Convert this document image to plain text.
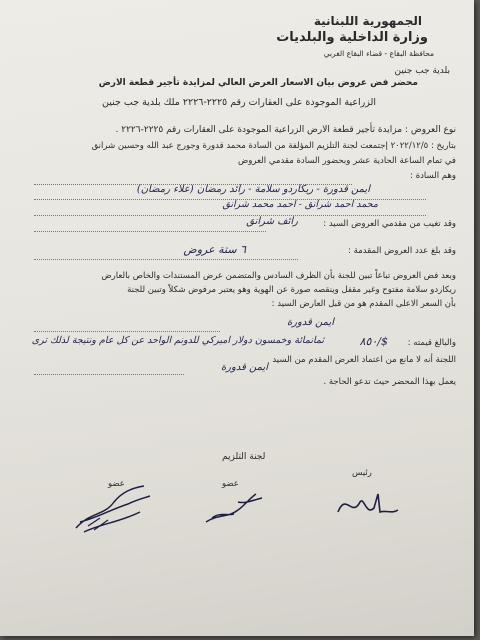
الجمهورية اللبنانية
وزارة الداخلية والبلديات
محافظة البقاع - قضاء البقاع الغربي
بلدية جب جنين
محضر فض عروض بيان الاسعار العرض العالي لمزايدة تأجير قطعة الارض
الزراعية الموجودة على العقارات رقم ٢٢٢٥-٢٢٢٦ ملك بلدية جب جنين
نوع العروض : مزايدة تأجير قطعة الارض الزراعية الموجودة على العقارات رقم ٢٢٢٥-٢٢٢٦ .
بتاريخ : ٢٠٢٢/١٢/٥ إجتمعت لجنة التلزيم المؤلفة من السادة محمد قدورة وجورج عبد الله وحسين شرانق
في تمام الساعة الحادية عشر وبحضور السادة مقدمي العروض
وهم السادة :
ايمن قدورة - ريكاردو سلامة - رائد رمضان (علاء رمضان)
محمد احمد شرانق - احمد محمد شرانق
وقد تغيب من مقدمي العروض السيد :
رائف شرانق
وقد بلغ عدد العروض المقدمة :
٦ ستة عروض
وبعد فض العروض تباعاً تبين للجنة بأن الظرف السادس والمتضمن عرض المستندات والخاص بالعارض
ريكاردو سلامة مفتوح وغير مقفل وينقصه صورة عن الهوية وهو يعتبر مرفوض شكلاً وتبين للجنة
بأن السعر الاعلى المقدم هو من قبل العارض السيد :
ايمن قدورة
والبالغ قيمته :
$/٨٥٠
ثمانمائة وخمسون دولار اميركي للدونم الواحد عن كل عام ونتيجة لذلك ترى
اللجنة أنه لا مانع من اعتماد العرض المقدم من السيد
ايمن قدورة
يعمل بهذا المحضر حيث تدعو الحاجة .
لجنة التلزيم
رئيس
عضو
عضو
